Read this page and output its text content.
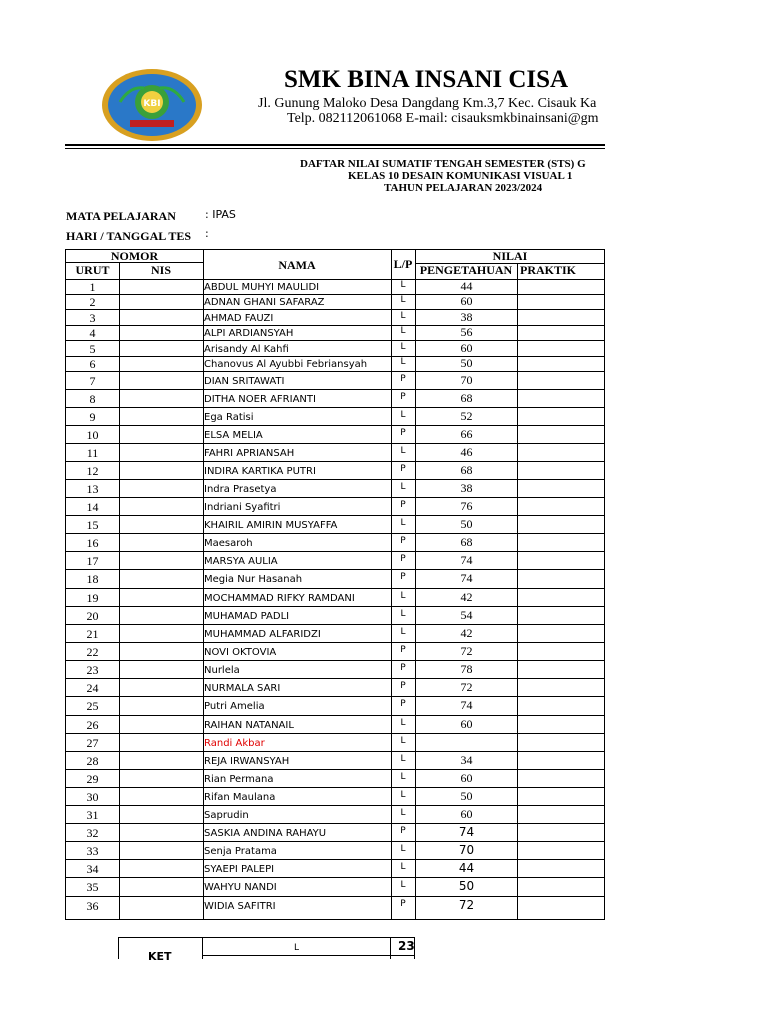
KBI
SMK BINA INSANI CISA
Jl. Gunung Maloko Desa Dangdang Km.3,7 Kec. Cisauk Ka
Telp. 082112061068 E-mail: cisauksmkbinainsani@gm
DAFTAR NILAI SUMATIF TENGAH SEMESTER (STS) G
KELAS 10 DESAIN KOMUNIKASI VISUAL 1
TAHUN PELAJARAN 2023/2024
MATA PELAJARAN	: IPAS
HARI / TANGGAL TES :
NOMOR
URUT	NIS	NAMA	L/P
NILAI
PENGETAHUAN PRAKTIK
1	ABDUL MUHYI MAULIDI	L	44
2	ADNAN GHANI SAFARAZ	L	60
3	AHMAD FAUZI	L	38
4	ALPI ARDIANSYAH	L	56
5	Arisandy Al Kahfi	L	60
6	Chanovus Al Ayubbi Febriansyah	L	50
7	DIAN SRITAWATI	P	70
8	DITHA NOER AFRIANTI	P	68
9	Ega Ratisi	L	52
10	ELSA MELIA	P	66
11	FAHRI APRIANSAH	L	46
12	INDIRA KARTIKA PUTRI	P	68
13	Indra Prasetya	L	38
14	Indriani Syafitri	P	76
15	KHAIRIL AMIRIN MUSYAFFA	L	50
16	Maesaroh	P	68
17	MARSYA AULIA	P	74
18	Megia Nur Hasanah	P	74
19	MOCHAMMAD RIFKY RAMDANI	L	42
20	MUHAMAD PADLI	L	54
21	MUHAMMAD ALFARIDZI	L	42
22	NOVI OKTOVIA	P	72
23	Nurlela	P	78
24	NURMALA SARI	P	72
25	Putri Amelia	P	74
26	RAIHAN NATANAIL	L	60
27	Randi Akbar	L
28	REJA IRWANSYAH	L	34
29	Rian Permana	L	60
30	Rifan Maulana	L	50
31	Saprudin	L	60
32	SASKIA ANDINA RAHAYU	P	74
33	Senja Pratama	L	70
34	SYAEPI PALEPI	L	44
35	WAHYU NANDI	L	50
36	WIDIA SAFITRI	P	72
KET
L	23
